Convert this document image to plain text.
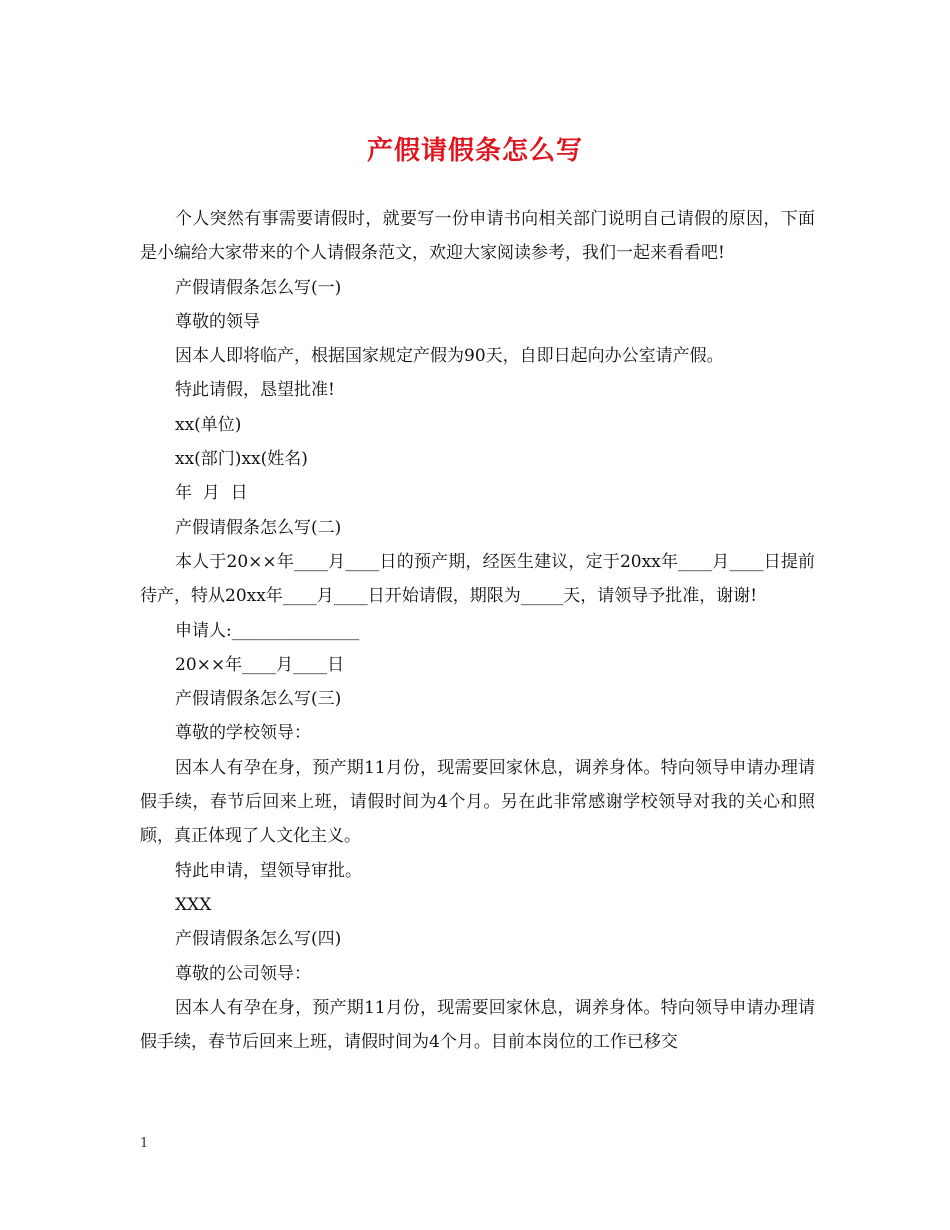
产假请假条怎么写

个人突然有事需要请假时，就要写一份申请书向相关部门说明自己请假的原因，下面是小编给大家带来的个人请假条范文，欢迎大家阅读参考，我们一起来看看吧!

产假请假条怎么写(一)

尊敬的领导

因本人即将临产，根据国家规定产假为90天，自即日起向办公室请产假。

特此请假，恳望批准!

xx(单位)

xx(部门)xx(姓名)

年  月  日

产假请假条怎么写(二)

本人于20××年____月____日的预产期，经医生建议，定于20xx年____月____日提前待产，特从20xx年____月____日开始请假，期限为_____天，请领导予批准，谢谢!

申请人:_______________

20××年____月____日

产假请假条怎么写(三)

尊敬的学校领导：

因本人有孕在身，预产期11月份，现需要回家休息，调养身体。特向领导申请办理请假手续，春节后回来上班，请假时间为4个月。另在此非常感谢学校领导对我的关心和照顾，真正体现了人文化主义。

特此申请，望领导审批。

XXX

产假请假条怎么写(四)

尊敬的公司领导：

因本人有孕在身，预产期11月份，现需要回家休息，调养身体。特向领导申请办理请假手续，春节后回来上班，请假时间为4个月。目前本岗位的工作已移交

1
